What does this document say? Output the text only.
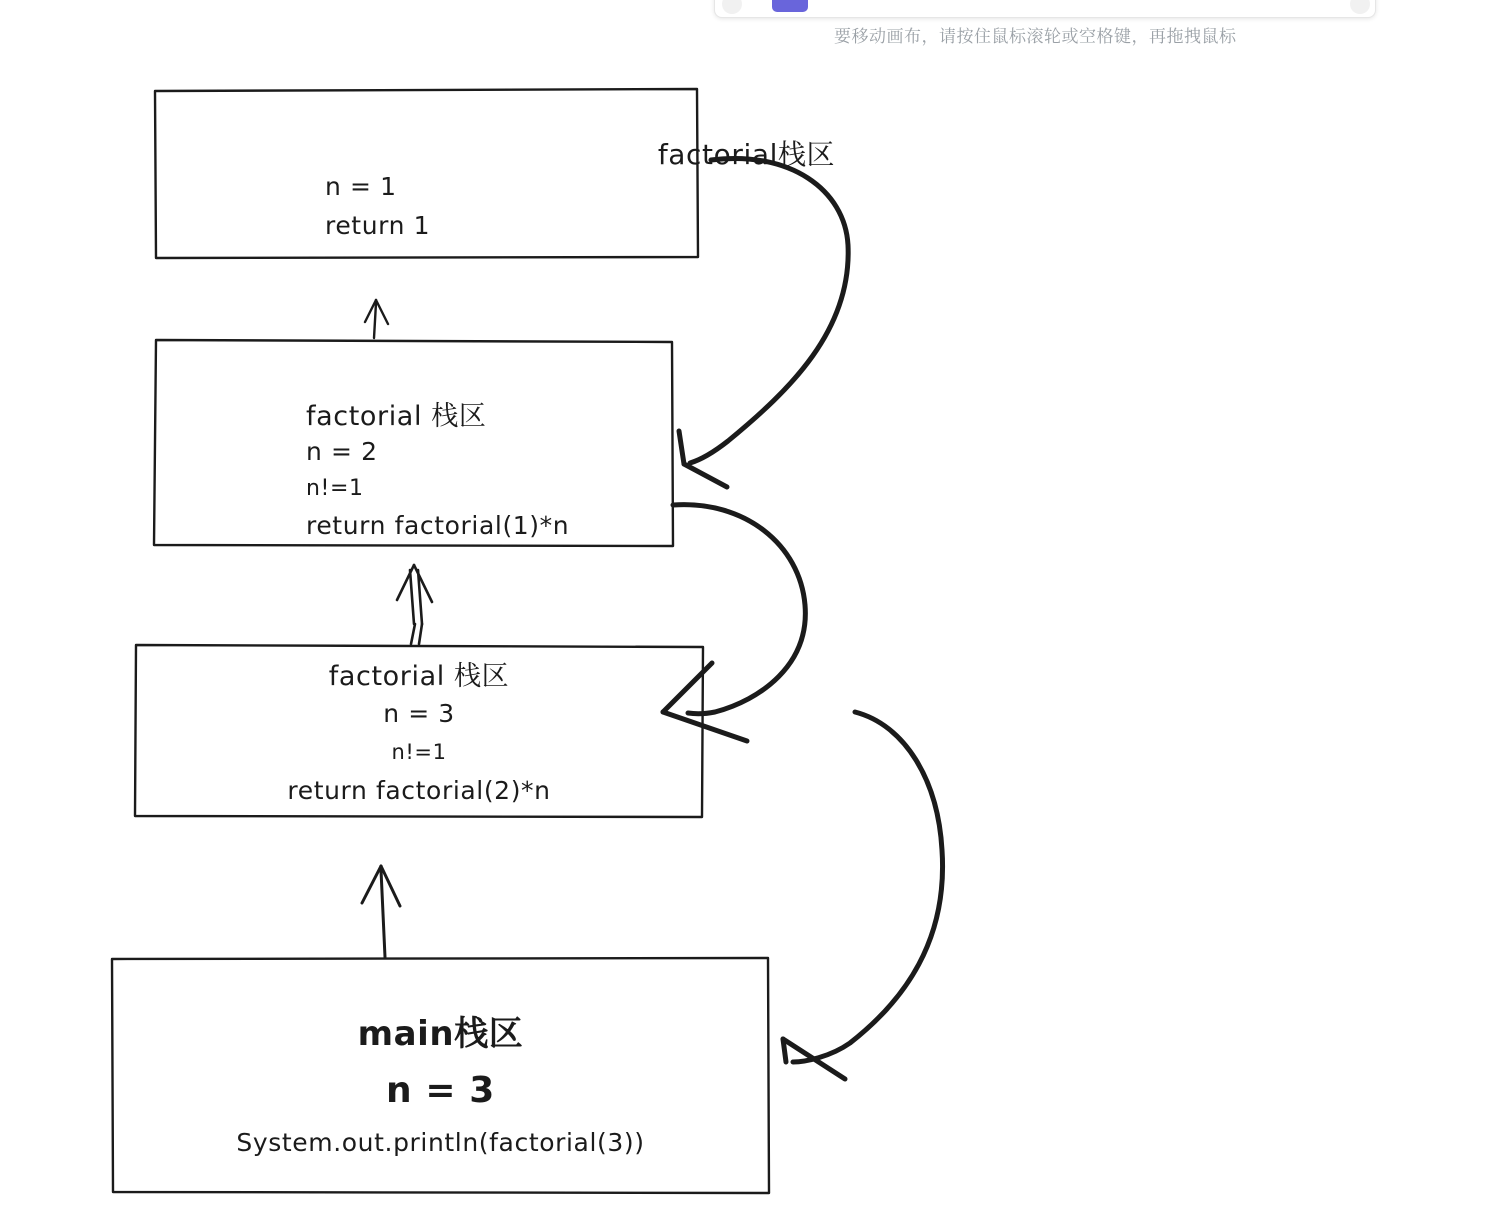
要移动画布，请按住鼠标滚轮或空格键，再拖拽鼠标
factorial栈区
n = 1
return 1
factorial 栈区
n = 2
n!=1
return factorial(1)*n
factorial 栈区
n = 3
n!=1
return factorial(2)*n
main栈区
n = 3
System.out.println(factorial(3))
